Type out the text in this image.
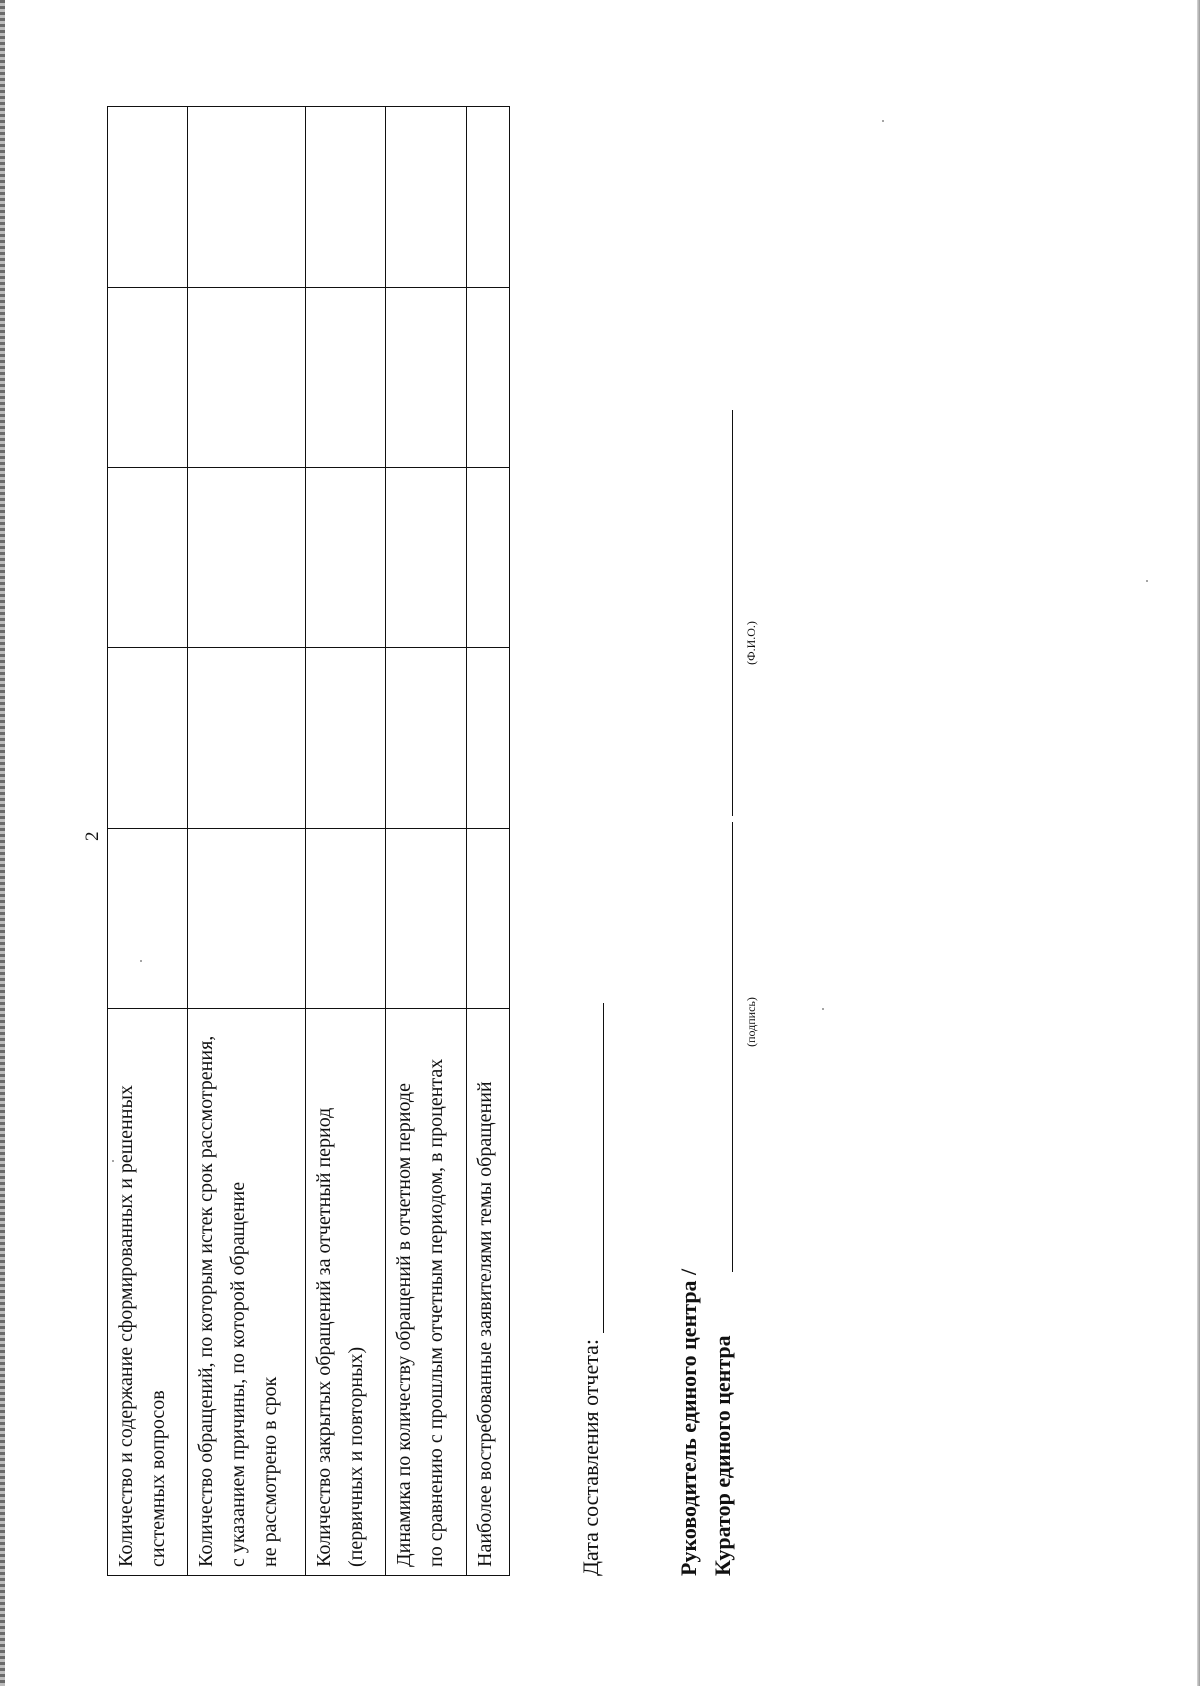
2
Количество и содержание сформированных и решенных системных вопросов					

Количество обращений, по которым истек срок рассмотрения, с указанием причины, по которой обращение не рассмотрено в срок					

Количество закрытых обращений за отчетный период (первичных и повторных)					

Динамика по количеству обращений в отчетном периоде по сравнению с прошлым отчетным периодом, в процентах					

Наиболее востребованные заявителями темы обращений					
						Дата составления отчета:	Руководитель единого центра / Куратор единого центра
(подпись)
(Ф.И.О.)
